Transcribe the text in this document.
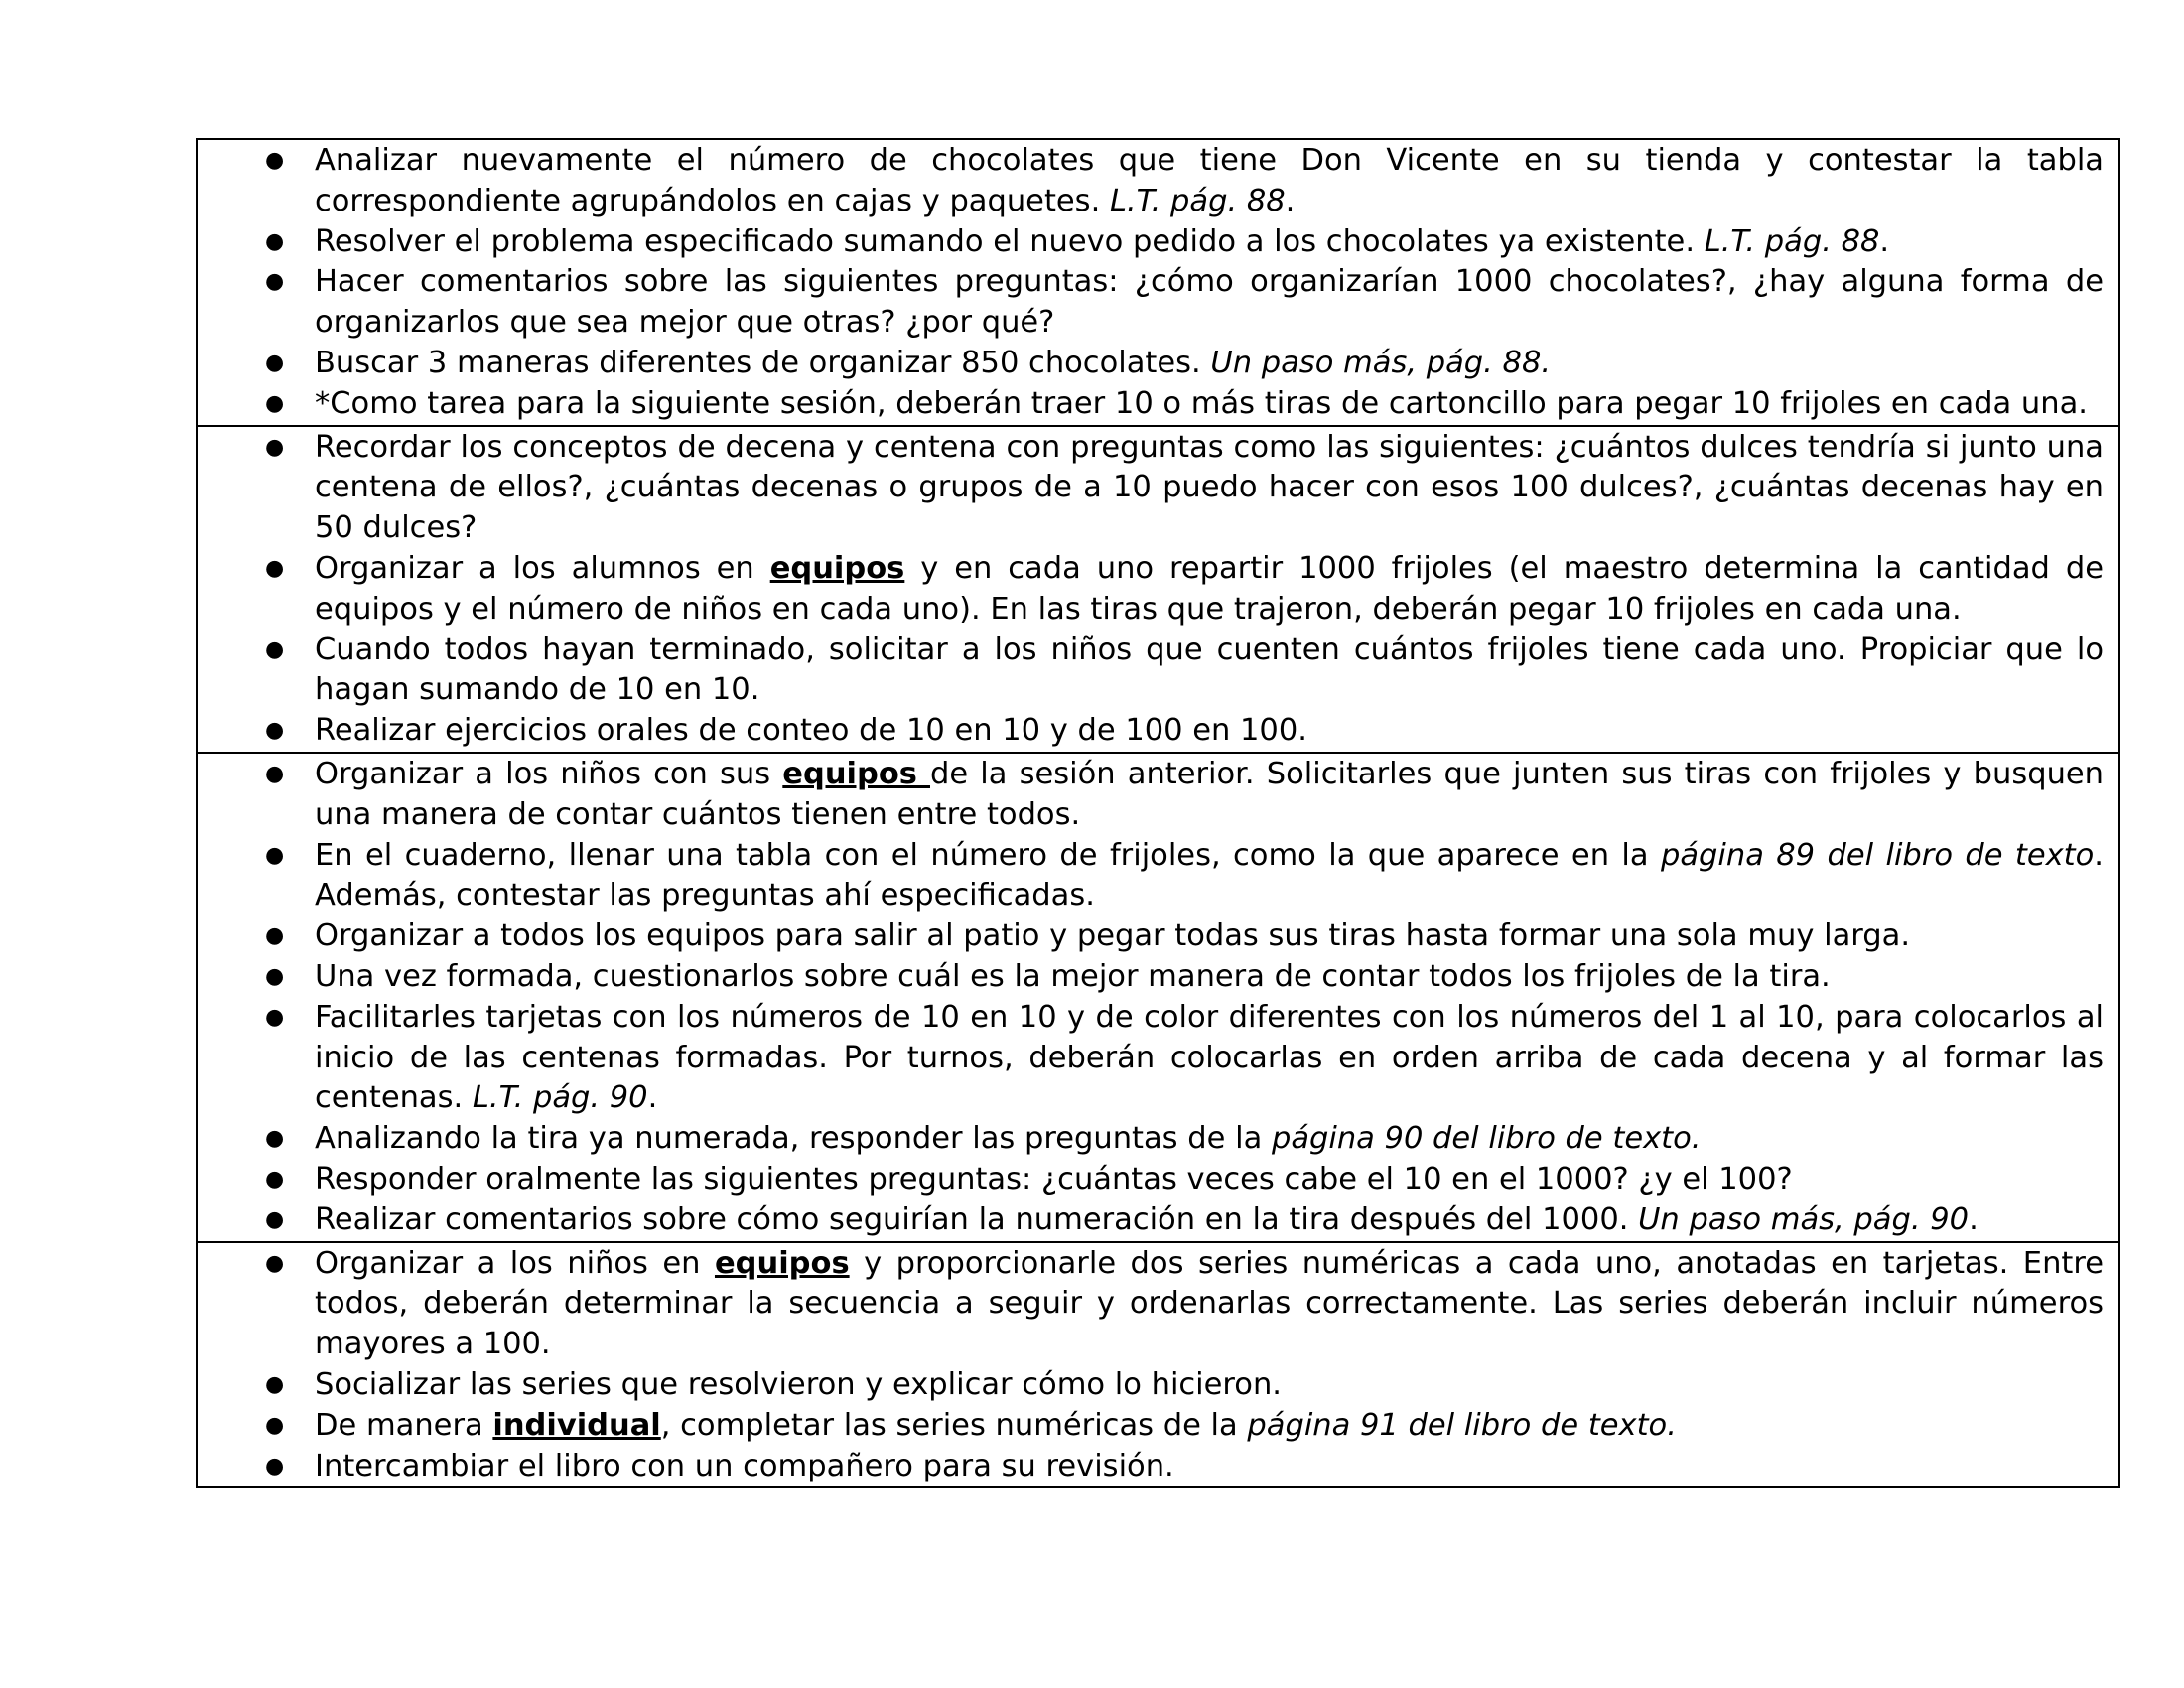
● Analizar nuevamente el número de chocolates que tiene Don Vicente en su tienda y contestar la tabla correspondiente agrupándolos en cajas y paquetes. L.T. pág. 88.
● Resolver el problema especificado sumando el nuevo pedido a los chocolates ya existente. L.T. pág. 88.
● Hacer comentarios sobre las siguientes preguntas: ¿cómo organizarían 1000 chocolates?, ¿hay alguna forma de organizarlos que sea mejor que otras? ¿por qué?
● Buscar 3 maneras diferentes de organizar 850 chocolates. Un paso más, pág. 88.
● *Como tarea para la siguiente sesión, deberán traer 10 o más tiras de cartoncillo para pegar 10 frijoles en cada una.
● Recordar los conceptos de decena y centena con preguntas como las siguientes: ¿cuántos dulces tendría si junto una centena de ellos?, ¿cuántas decenas o grupos de a 10 puedo hacer con esos 100 dulces?, ¿cuántas decenas hay en 50 dulces?
● Organizar a los alumnos en equipos y en cada uno repartir 1000 frijoles (el maestro determina la cantidad de equipos y el número de niños en cada uno). En las tiras que trajeron, deberán pegar 10 frijoles en cada una.
● Cuando todos hayan terminado, solicitar a los niños que cuenten cuántos frijoles tiene cada uno. Propiciar que lo hagan sumando de 10 en 10.
● Realizar ejercicios orales de conteo de 10 en 10 y de 100 en 100.
● Organizar a los niños con sus equipos de la sesión anterior. Solicitarles que junten sus tiras con frijoles y busquen una manera de contar cuántos tienen entre todos.
● En el cuaderno, llenar una tabla con el número de frijoles, como la que aparece en la página 89 del libro de texto. Además, contestar las preguntas ahí especificadas.
● Organizar a todos los equipos para salir al patio y pegar todas sus tiras hasta formar una sola muy larga.
● Una vez formada, cuestionarlos sobre cuál es la mejor manera de contar todos los frijoles de la tira.
● Facilitarles tarjetas con los números de 10 en 10 y de color diferentes con los números del 1 al 10, para colocarlos al inicio de las centenas formadas. Por turnos, deberán colocarlas en orden arriba de cada decena y al formar las centenas. L.T. pág. 90.
● Analizando la tira ya numerada, responder las preguntas de la página 90 del libro de texto.
● Responder oralmente las siguientes preguntas: ¿cuántas veces cabe el 10 en el 1000? ¿y el 100?
● Realizar comentarios sobre cómo seguirían la numeración en la tira después del 1000. Un paso más, pág. 90.
● Organizar a los niños en equipos y proporcionarle dos series numéricas a cada uno, anotadas en tarjetas. Entre todos, deberán determinar la secuencia a seguir y ordenarlas correctamente. Las series deberán incluir números mayores a 100.
● Socializar las series que resolvieron y explicar cómo lo hicieron.
● De manera individual, completar las series numéricas de la página 91 del libro de texto.
● Intercambiar el libro con un compañero para su revisión.
